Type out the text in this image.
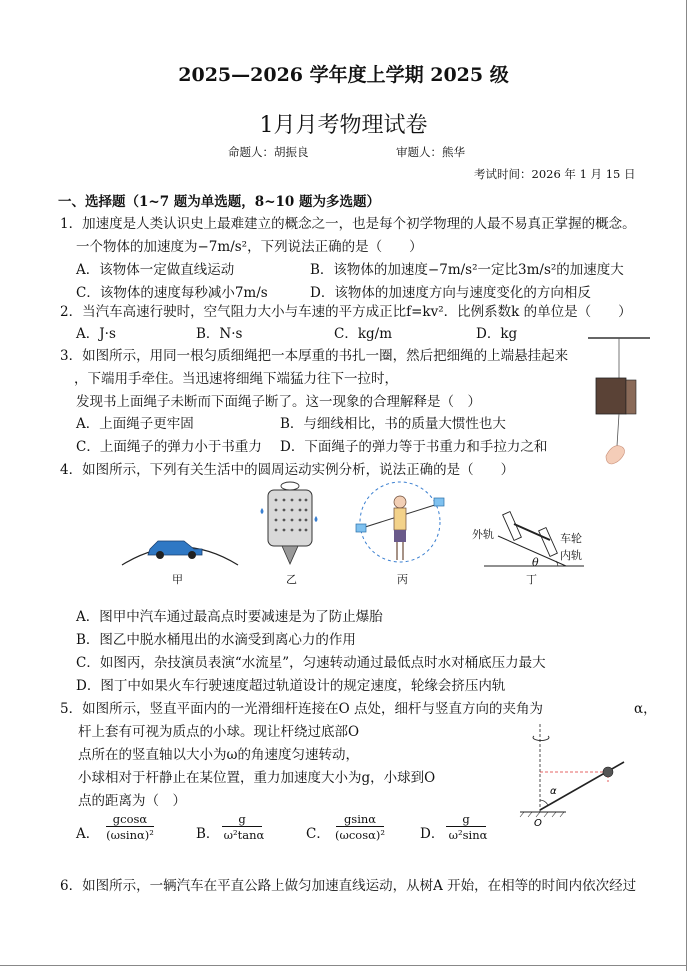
2025—2026 学年度上学期 2025 级
1月月考物理试卷
命题人：胡振良	审题人：熊华
考试时间：2026 年 1 月 15 日
一、选择题（1~7 题为单选题，8~10 题为多选题）
1．加速度是人类认识史上最难建立的概念之一，也是每个初学物理的人最不易真正掌握的概念。
一个物体的加速度为−7m/s²，下列说法正确的是（　　）
A．该物体一定做直线运动	B．该物体的加速度−7m/s²一定比3m/s²的加速度大
C．该物体的速度每秒减小7m/s	D．该物体的加速度方向与速度变化的方向相反
2．当汽车高速行驶时，空气阻力大小与车速的平方成正比f=kv²．比例系数k 的单位是（　　）
A．J·s	B．N·s	C．kg/m	D．kg
3．如图所示，用同一根匀质细绳把一本厚重的书扎一圈，然后把细绳的上端悬挂起来
，下端用手牵住。当迅速将细绳下端猛力往下一拉时，
发现书上面绳子未断而下面绳子断了。这一现象的合理解释是（　）
A．上面绳子更牢固	B．与细线相比，书的质量大惯性也大
C．上面绳子的弹力小于书重力 D．下面绳子的弹力等于书重力和手拉力之和
4．如图所示，下列有关生活中的圆周运动实例分析，说法正确的是（　　）
甲	乙	丙
外轨	车轮
内轨
θ
丁
A．图甲中汽车通过最高点时要减速是为了防止爆胎
B．图乙中脱水桶甩出的水滴受到离心力的作用
C．如图丙，杂技演员表演“水流星”，匀速转动通过最低点时水对桶底压力最大
D．图丁中如果火车行驶速度超过轨道设计的规定速度，轮缘会挤压内轨
5．如图所示，竖直平面内的一光滑细杆连接在O 点处，细杆与竖直方向的夹角为	α，
杆上套有可视为质点的小球。现让杆绕过底部O
点所在的竖直轴以大小为ω的角速度匀速转动，
小球相对于杆静止在某位置，重力加速度大小为g，小球到O
点的距离为（　）
α
O
A．
gcosα
(ωsinα)²	B．
g
ω²tanα	C．
gsinα
(ωcosα)²	D．
g
ω²sinα
6．如图所示，一辆汽车在平直公路上做匀加速直线运动，从树A 开始，在相等的时间内依次经过
